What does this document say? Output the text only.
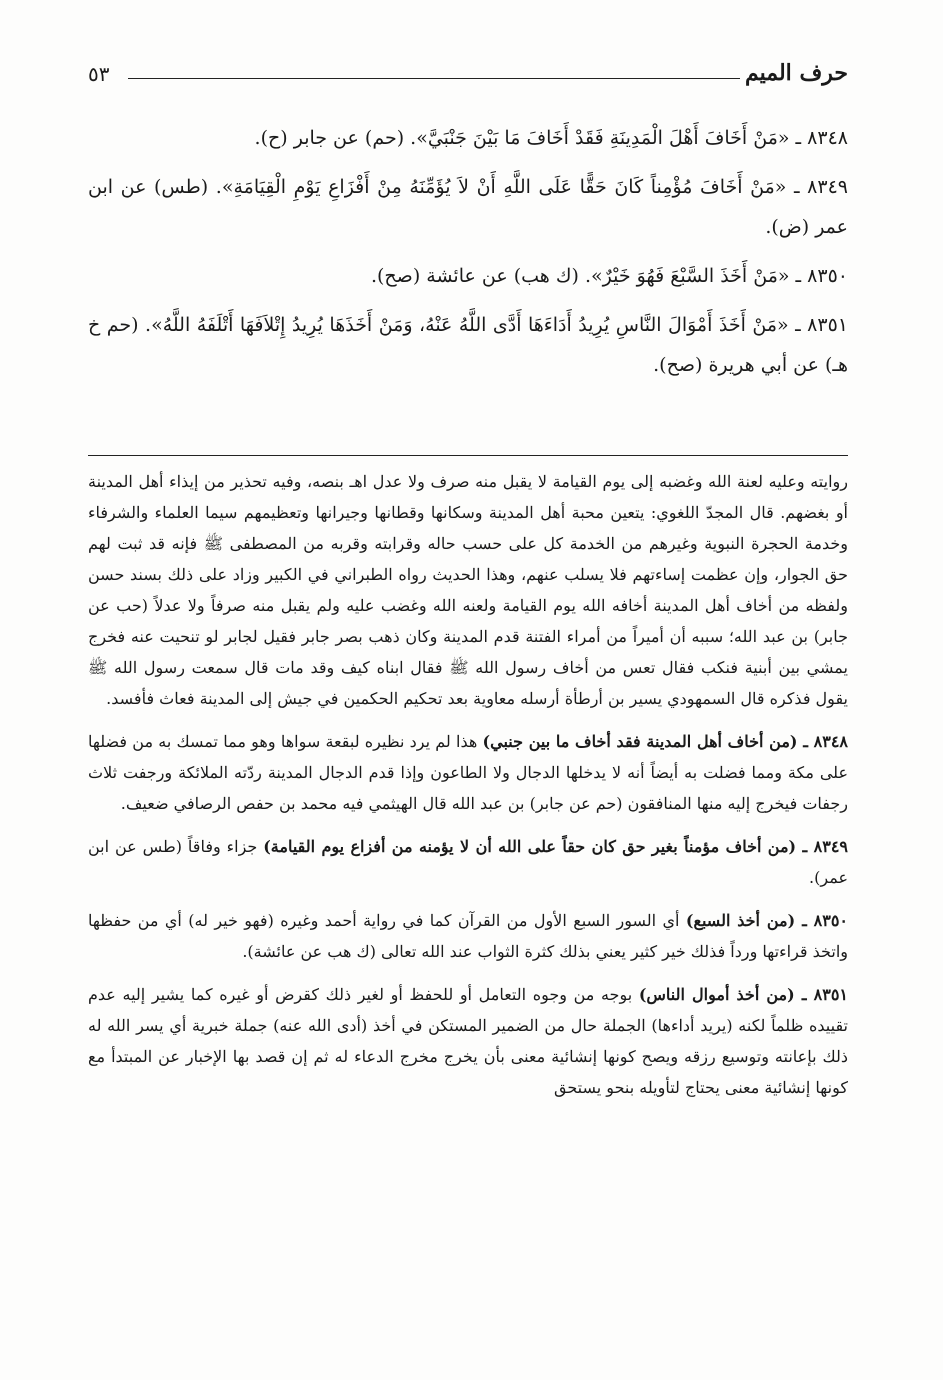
٥٣	حرف الميم

٨٣٤٨ ـ «مَنْ أَخَافَ أَهْلَ الْمَدِينَةِ فَقَدْ أَخَافَ مَا بَيْنَ جَنْبَيَّ». (حم) عن جابر (ح).

٨٣٤٩ ـ «مَنْ أَخَافَ مُؤْمِناً كَانَ حَقًّا عَلَى اللَّهِ أَنْ لاَ يُؤَمِّنَهُ مِنْ أَفْزَاعِ يَوْمِ الْقِيَامَةِ». (طس) عن ابن عمر (ض).

٨٣٥٠ ـ «مَنْ أَخَذَ السَّبْعَ فَهُوَ خَيْرٌ». (ك هب) عن عائشة (صح).

٨٣٥١ ـ «مَنْ أَخَذَ أَمْوَالَ النَّاسِ يُرِيدُ أَدَاءَهَا أَدَّى اللَّهُ عَنْهُ، وَمَنْ أَخَذَهَا يُرِيدُ إِتْلاَفَهَا أَتْلَفَهُ اللَّهُ». (حم خ هـ) عن أبي هريرة (صح).

روايته وعليه لعنة الله وغضبه إلى يوم القيامة لا يقبل منه صرف ولا عدل اهـ بنصه، وفيه تحذير من إيذاء أهل المدينة أو بغضهم. قال المجدّ اللغوي: يتعين محبة أهل المدينة وسكانها وقطانها وجيرانها وتعظيمهم سيما العلماء والشرفاء وخدمة الحجرة النبوية وغيرهم من الخدمة كل على حسب حاله وقرابته وقربه من المصطفى ﷺ فإنه قد ثبت لهم حق الجوار، وإن عظمت إساءتهم فلا يسلب عنهم، وهذا الحديث رواه الطبراني في الكبير وزاد على ذلك بسند حسن ولفظه من أخاف أهل المدينة أخافه الله يوم القيامة ولعنه الله وغضب عليه ولم يقبل منه صرفاً ولا عدلاً (حب عن جابر) بن عبد الله؛ سببه أن أميراً من أمراء الفتنة قدم المدينة وكان ذهب بصر جابر فقيل لجابر لو تنحيت عنه فخرج يمشي بين أبنية فنكب فقال تعس من أخاف رسول الله ﷺ فقال ابناه كيف وقد مات قال سمعت رسول الله ﷺ يقول فذكره قال السمهودي يسير بن أرطأة أرسله معاوية بعد تحكيم الحكمين في جيش إلى المدينة فعاث فأفسد.

٨٣٤٨ ـ (من أخاف أهل المدينة فقد أخاف ما بين جنبي) هذا لم يرد نظيره لبقعة سواها وهو مما تمسك به من فضلها على مكة ومما فضلت به أيضاً أنه لا يدخلها الدجال ولا الطاعون وإذا قدم الدجال المدينة ردّته الملائكة ورجفت ثلاث رجفات فيخرج إليه منها المنافقون (حم عن جابر) بن عبد الله قال الهيثمي فيه محمد بن حفص الرصافي ضعيف.

٨٣٤٩ ـ (من أخاف مؤمناً بغير حق كان حقاً على الله أن لا يؤمنه من أفزاع يوم القيامة) جزاء وفاقاً (طس عن ابن عمر).

٨٣٥٠ ـ (من أخذ السبع) أي السور السبع الأول من القرآن كما في رواية أحمد وغيره (فهو خير له) أي من حفظها واتخذ قراءتها ورداً فذلك خير كثير يعني بذلك كثرة الثواب عند الله تعالى (ك هب عن عائشة).

٨٣٥١ ـ (من أخذ أموال الناس) بوجه من وجوه التعامل أو للحفظ أو لغير ذلك كقرض أو غيره كما يشير إليه عدم تقييده ظلماً لكنه (يريد أداءها) الجملة حال من الضمير المستكن في أخذ (أدى الله عنه) جملة خبرية أي يسر الله له ذلك بإعانته وتوسيع رزقه ويصح كونها إنشائية معنى بأن يخرج مخرج الدعاء له ثم إن قصد بها الإخبار عن المبتدأ مع كونها إنشائية معنى يحتاج لتأويله بنحو يستحق
